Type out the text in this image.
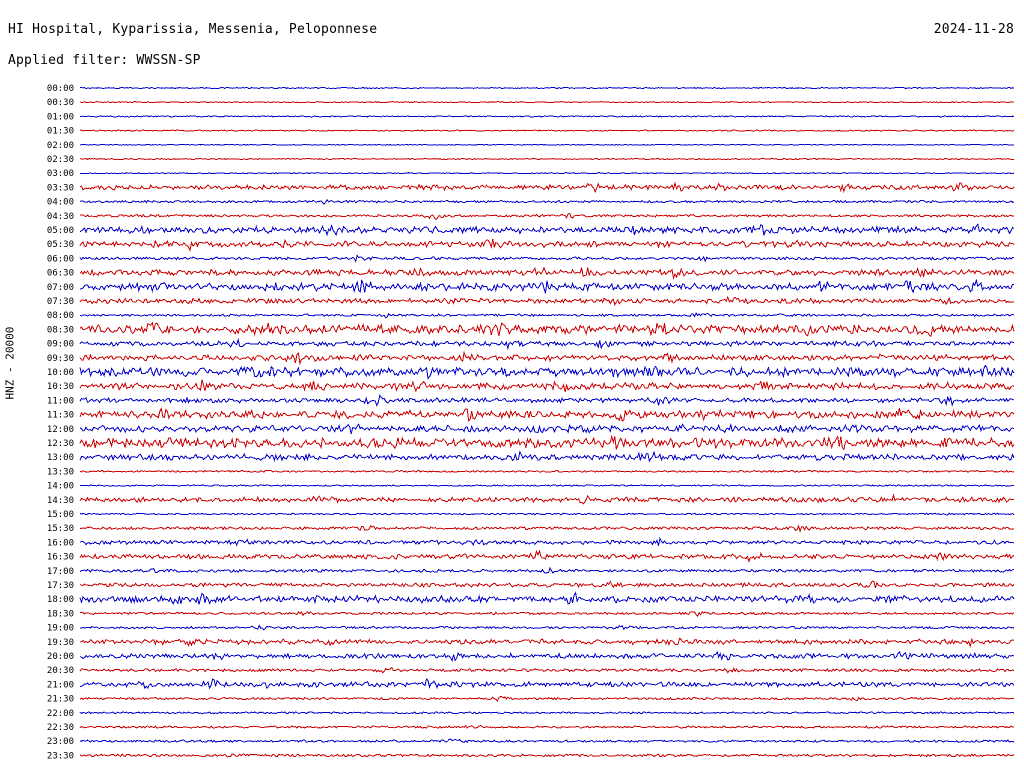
HI Hospital, Kyparissia, Messenia, Peloponnese	2024-11-28
Applied filter: WWSSN-SP
HNZ - 20000
00:00
00:30
01:00
01:30
02:00
02:30
03:00
03:30
04:00
04:30
05:00
05:30
06:00
06:30
07:00
07:30
08:00
08:30
09:00
09:30
10:00
10:30
11:00
11:30
12:00
12:30
13:00
13:30
14:00
14:30
15:00
15:30
16:00
16:30
17:00
17:30
18:00
18:30
19:00
19:30
20:00
20:30
21:00
21:30
22:00
22:30
23:00
23:30
